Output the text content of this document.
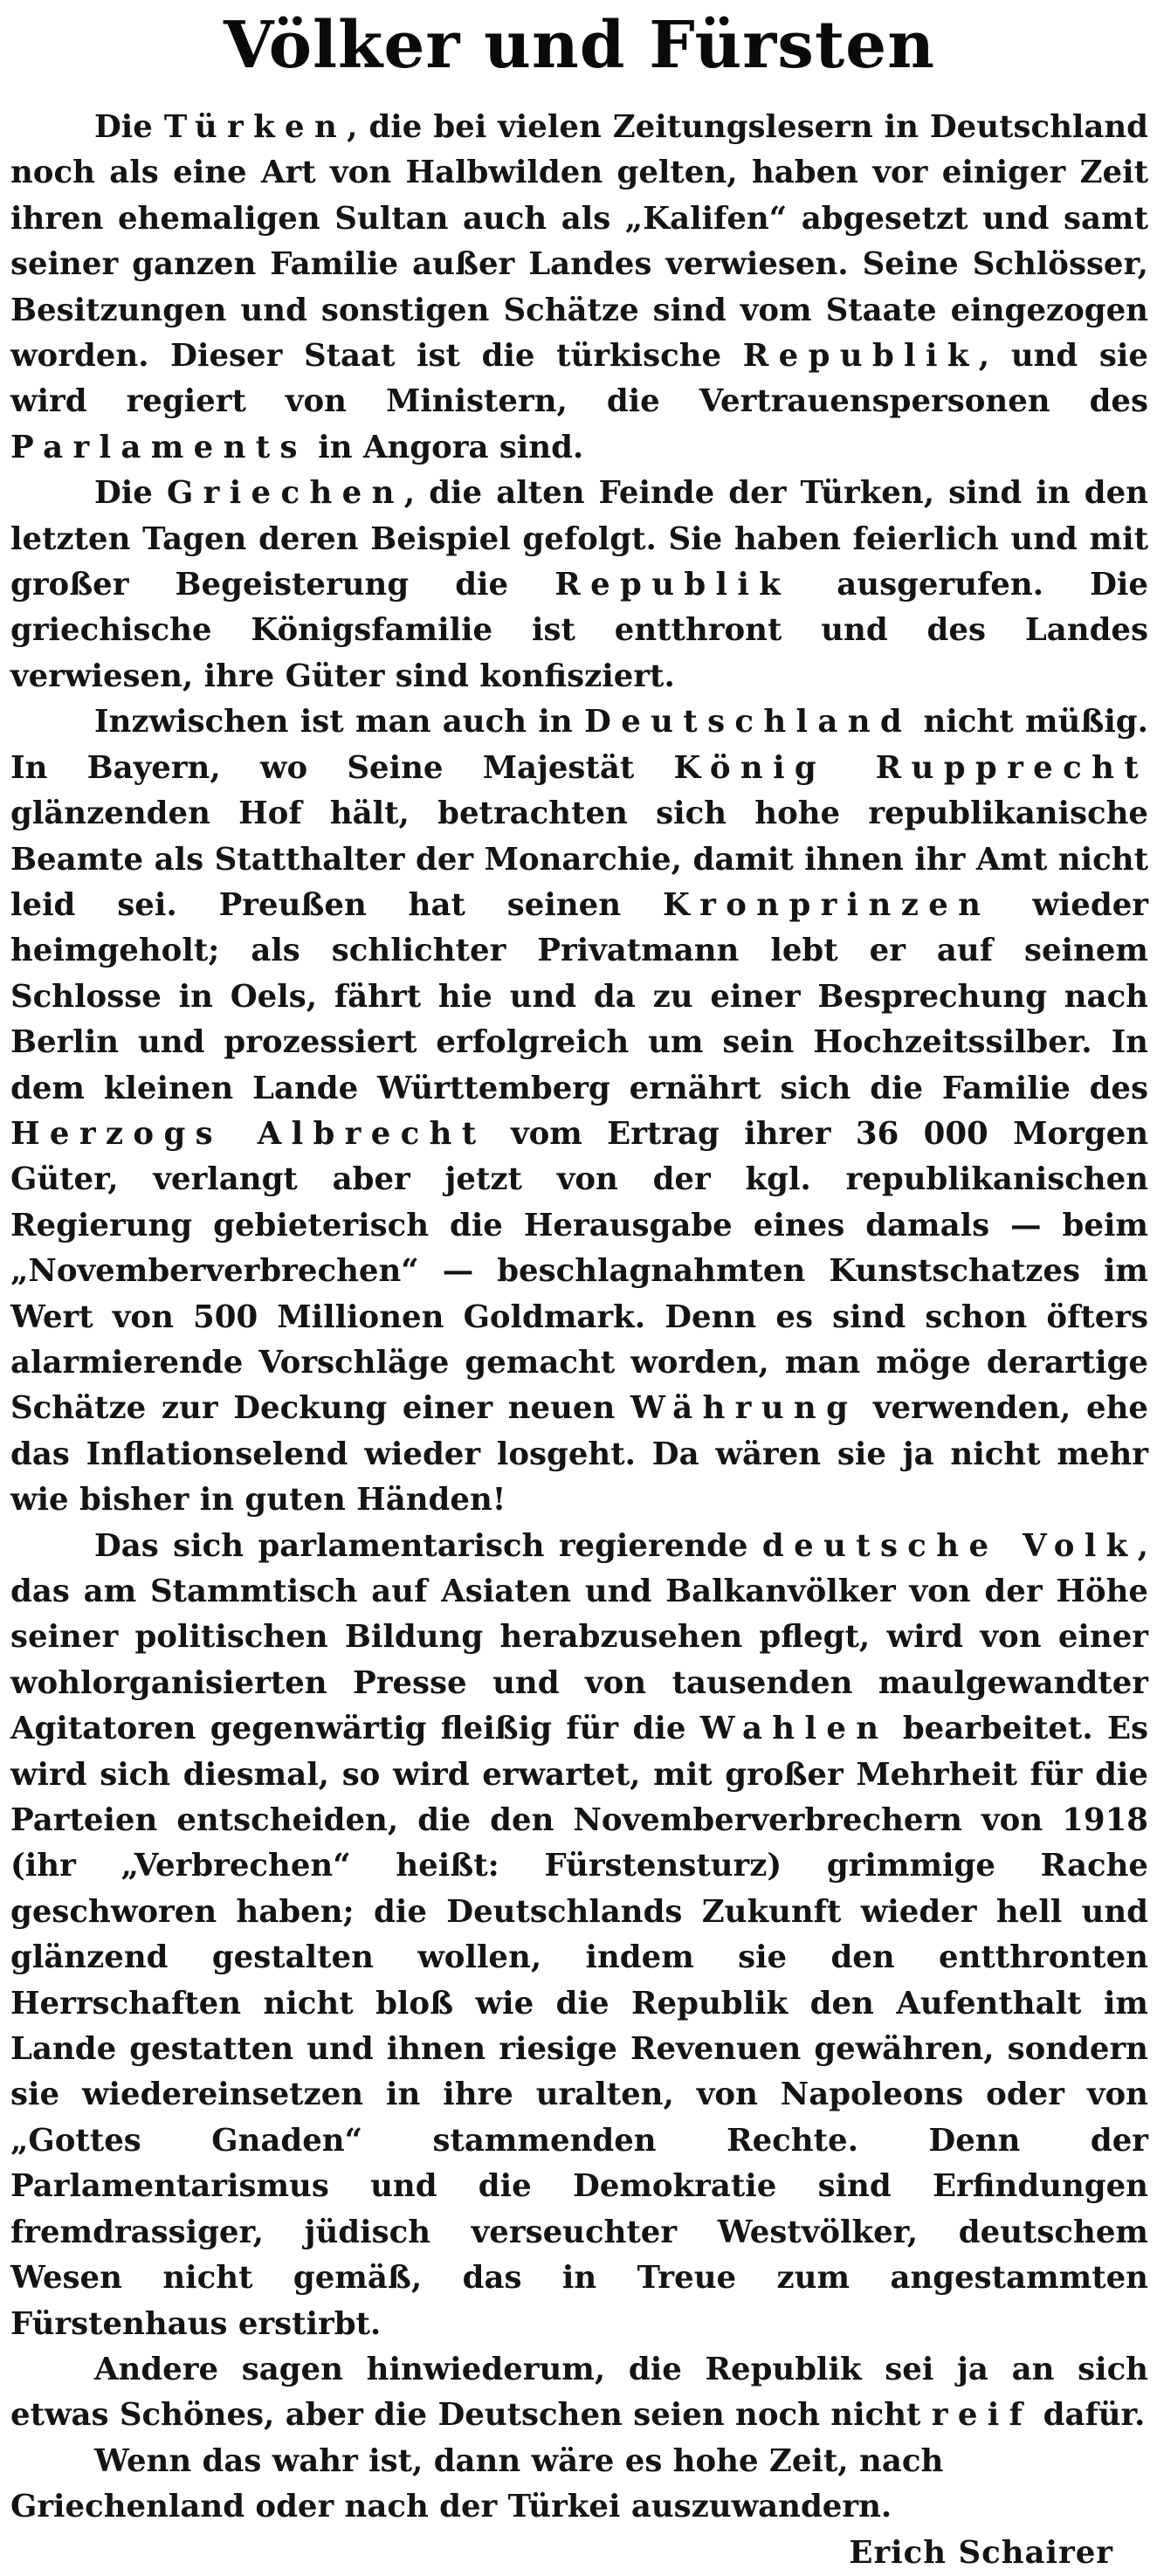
Völker und Fürsten

Die Türken, die bei vielen Zeitungslesern in Deutschland noch als eine Art von Halbwilden gelten, haben vor einiger Zeit ihren ehemaligen Sultan auch als „Kalifen“ abgesetzt und samt seiner ganzen Familie außer Landes verwiesen. Seine Schlösser, Besitzungen und sonstigen Schätze sind vom Staate eingezogen worden. Dieser Staat ist die türkische Republik, und sie wird regiert von Ministern, die Vertrauenspersonen des Parlaments in Angora sind.

Die Griechen, die alten Feinde der Türken, sind in den letzten Tagen deren Beispiel gefolgt. Sie haben feierlich und mit großer Begeisterung die Republik ausgerufen. Die griechische Königsfamilie ist entthront und des Landes verwiesen, ihre Güter sind konfisziert.

Inzwischen ist man auch in Deutschland nicht müßig. In Bayern, wo Seine Majestät König Rupprecht glänzenden Hof hält, betrachten sich hohe republikanische Beamte als Statthalter der Monarchie, damit ihnen ihr Amt nicht leid sei. Preußen hat seinen Kronprinzen wieder heimgeholt; als schlichter Privatmann lebt er auf seinem Schlosse in Oels, fährt hie und da zu einer Besprechung nach Berlin und prozessiert erfolgreich um sein Hochzeitssilber. In dem kleinen Lande Württemberg ernährt sich die Familie des Herzogs Albrecht vom Ertrag ihrer 36 000 Morgen Güter, verlangt aber jetzt von der kgl. republikanischen Regierung gebieterisch die Herausgabe eines damals — beim „Novemberverbrechen“ — beschlagnahmten Kunstschatzes im Wert von 500 Millionen Goldmark. Denn es sind schon öfters alarmierende Vorschläge gemacht worden, man möge derartige Schätze zur Deckung einer neuen Währung verwenden, ehe das Inflationselend wieder losgeht. Da wären sie ja nicht mehr wie bisher in guten Händen!

Das sich parlamentarisch regierende deutsche Volk, das am Stammtisch auf Asiaten und Balkanvölker von der Höhe seiner politischen Bildung herabzusehen pflegt, wird von einer wohlorganisierten Presse und von tausenden maulgewandter Agitatoren gegenwärtig fleißig für die Wahlen bearbeitet. Es wird sich diesmal, so wird erwartet, mit großer Mehrheit für die Parteien entscheiden, die den Novemberverbrechern von 1918 (ihr „Verbrechen“ heißt: Fürstensturz) grimmige Rache geschworen haben; die Deutschlands Zukunft wieder hell und glänzend gestalten wollen, indem sie den entthronten Herrschaften nicht bloß wie die Republik den Aufenthalt im Lande gestatten und ihnen riesige Revenuen gewähren, sondern sie wiedereinsetzen in ihre uralten, von Napoleons oder von „Gottes Gnaden“ stammenden Rechte. Denn der Parlamentarismus und die Demokratie sind Erfindungen fremdrassiger, jüdisch verseuchter Westvölker, deutschem Wesen nicht gemäß, das in Treue zum angestammten Fürstenhaus erstirbt.

Andere sagen hinwiederum, die Republik sei ja an sich etwas Schönes, aber die Deutschen seien noch nicht reif dafür.

Wenn das wahr ist, dann wäre es hohe Zeit, nach Griechenland oder nach der Türkei auszuwandern.
Erich Schairer
